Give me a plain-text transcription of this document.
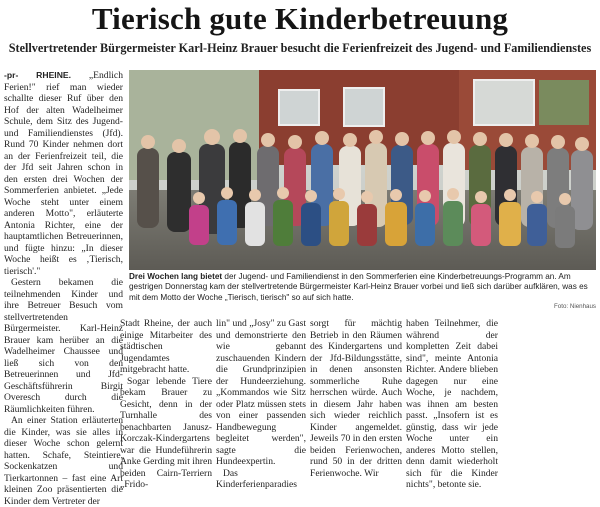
Tierisch gute Kinderbetreuung
Stellvertretender Bürgermeister Karl-Heinz Brauer besucht die Ferienfreizeit des Jugend- und Familiendienstes

-pr- RHEINE. „Endlich Ferien!" rief man wieder schallte dieser Ruf über den Hof der alten Wadelheimer Schule, dem Sitz des Jugend- und Familiendienstes (Jfd). Rund 70 Kinder nehmen dort an der Ferienfreizeit teil, die der Jfd seit Jahren schon in den ersten drei Wochen der Sommerferien anbietet. „Jede Woche steht unter einem anderen Motto", erläuterte Antonia Richter, eine der hauptamtlichen Betreuerinnen, und fügte hinzu: „In dieser Woche heißt es ‚Tierisch, tierisch'."

Gestern bekamen die teilnehmenden Kinder und ihre Betreuer Besuch vom stellvertretenden Bürgermeister. Karl-Heinz Brauer kam herüber an die Wadelheimer Chaussee und ließ sich von den Betreuerinnen und Jfd-Geschäftsführerin Birgit Overesch durch die Räumlichkeiten führen.

An einer Station erläuterten die Kinder, was sie alles in dieser Woche schon gelernt hatten. Schafe, Steintiere, Sockenkatzen und Tierkartonnen – fast eine Art kleinen Zoo präsentierten die Kinder dem Vertreter der

Drei Wochen lang bietet der Jugend- und Familiendienst in den Sommerferien eine Kinderbetreuungs-Programm an. Am gestrigen Donnerstag kam der stellvertretende Bürgermeister Karl-Heinz Brauer vorbei und ließ sich darüber aufklären, was es mit dem Motto der Woche „Tierisch, tierisch" so auf sich hatte.
Foto: Nienhaus

Stadt Rheine, der auch einige Mitarbeiter des städtischen Jugendamtes mitgebracht hatte.

Sogar lebende Tiere bekam Brauer zu Gesicht, denn in der Turnhalle des benachbarten Janusz-Korczak-Kindergartens war die Hundeführerin Anke Gerding mit ihren beiden Cairn-Terriern „Frido-

lin" und „Josy" zu Gast und demonstrierte den wie gebannt zuschauenden Kindern die Grundprinzipien der Hundeerziehung. „Kommandos wie Sitz oder Platz müssen stets von einer passenden Handbewegung begleitet werden", sagte die Hundeexpertin.

Das Kinderferienparadies

sorgt für mächtig Betrieb in den Räumen des Kindergartens und der Jfd-Bildungsstätte, in denen ansonsten sommerliche Ruhe herrschen würde. Auch in diesem Jahr haben sich wieder reichlich Kinder angemeldet. Jeweils 70 in den ersten beiden Ferienwochen, rund 50 in der dritten Ferienwoche. Wir

haben Teilnehmer, die während der kompletten Zeit dabei sind", meinte Antonia Richter. Andere blieben dagegen nur eine Woche, je nachdem, was ihnen am besten passt. „Insofern ist es günstig, dass wir jede Woche unter ein anderes Motto stellen, denn damit wiederholt sich für die Kinder nichts", betonte sie.
